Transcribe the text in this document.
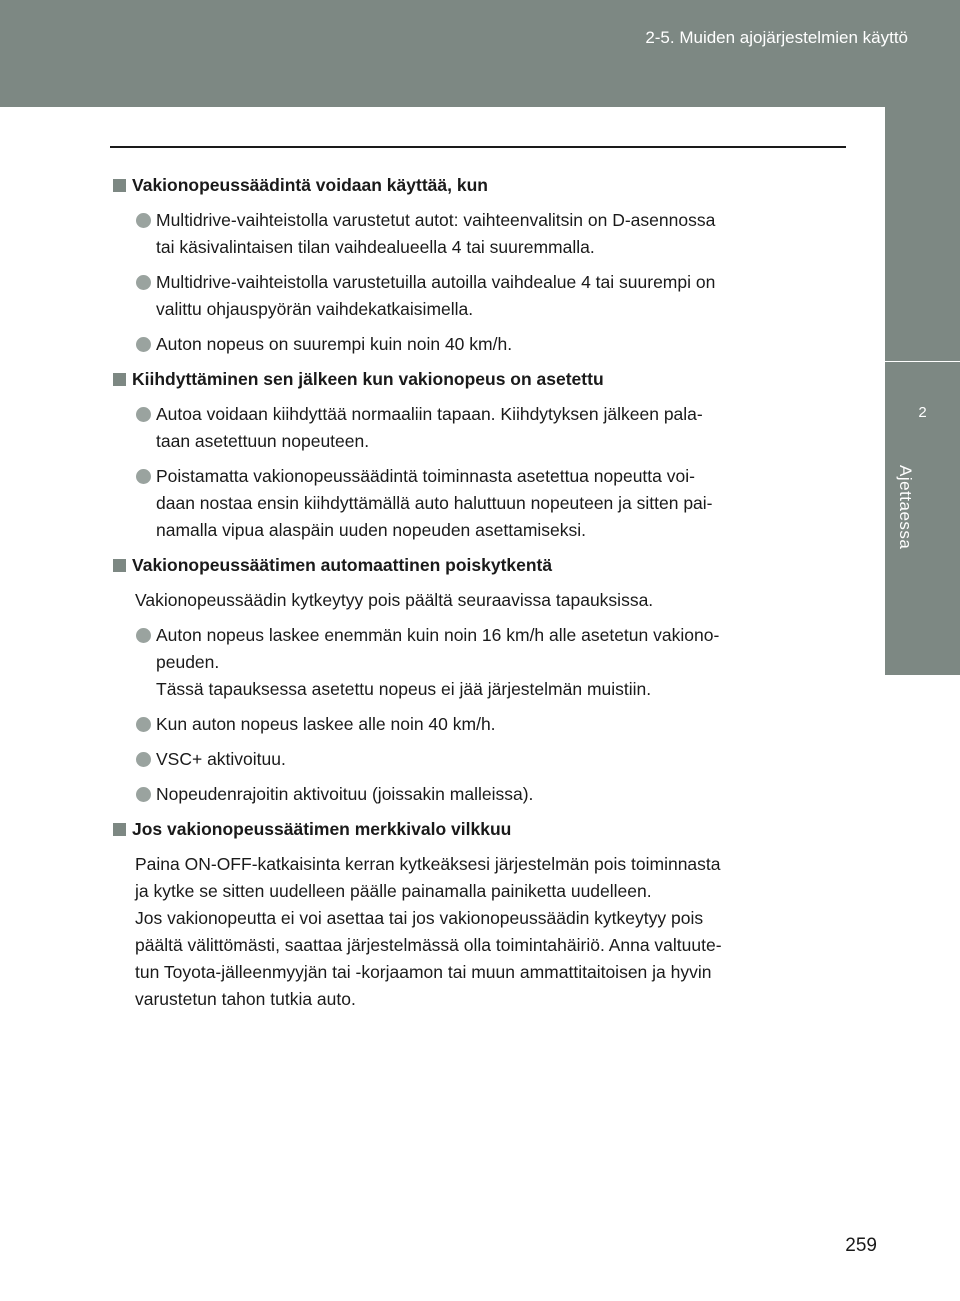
2-5. Muiden ajojärjestelmien käyttö
2
Ajettaessa
Vakionopeussäädintä voidaan käyttää, kun
Multidrive-vaihteistolla varustetut autot: vaihteenvalitsin on D-asennossa
tai käsivalintaisen tilan vaihdealueella 4 tai suuremmalla.
Multidrive-vaihteistolla varustetuilla autoilla vaihdealue 4 tai suurempi on
valittu ohjauspyörän vaihdekatkaisimella.
Auton nopeus on suurempi kuin noin 40 km/h.
Kiihdyttäminen sen jälkeen kun vakionopeus on asetettu
Autoa voidaan kiihdyttää normaaliin tapaan. Kiihdytyksen jälkeen pala-
taan asetettuun nopeuteen.
Poistamatta vakionopeussäädintä toiminnasta asetettua nopeutta voi-
daan nostaa ensin kiihdyttämällä auto haluttuun nopeuteen ja sitten pai-
namalla vipua alaspäin uuden nopeuden asettamiseksi.
Vakionopeussäätimen automaattinen poiskytkentä
Vakionopeussäädin kytkeytyy pois päältä seuraavissa tapauksissa.
Auton nopeus laskee enemmän kuin noin 16 km/h alle asetetun vakiono-
peuden.
Tässä tapauksessa asetettu nopeus ei jää järjestelmän muistiin.
Kun auton nopeus laskee alle noin 40 km/h.
VSC+ aktivoituu.
Nopeudenrajoitin aktivoituu (joissakin malleissa).
Jos vakionopeussäätimen merkkivalo vilkkuu
Paina ON-OFF-katkaisinta kerran kytkeäksesi järjestelmän pois toiminnasta
ja kytke se sitten uudelleen päälle painamalla painiketta uudelleen.
Jos vakionopeutta ei voi asettaa tai jos vakionopeussäädin kytkeytyy pois
päältä välittömästi, saattaa järjestelmässä olla toimintahäiriö. Anna valtuute-
tun Toyota-jälleenmyyjän tai -korjaamon tai muun ammattitaitoisen ja hyvin
varustetun tahon tutkia auto.
259
